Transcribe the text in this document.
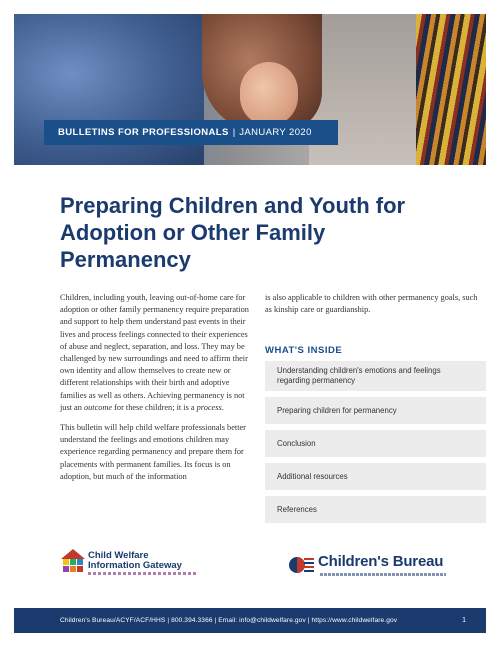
BULLETINS FOR PROFESSIONALS | JANUARY 2020
Preparing Children and Youth for Adoption or Other Family Permanency

Children, including youth, leaving out-of-home care for adoption or other family permanency require preparation and support to help them understand past events in their lives and process feelings connected to their experiences of abuse and neglect, separation, and loss. They may be challenged by new surroundings and need to affirm their own identity and allow themselves to create new or different relationships with their birth and adoptive families as well as others. Achieving permanency is not just an outcome for these children; it is a process.

This bulletin will help child welfare professionals better understand the feelings and emotions children may experience regarding permanency and prepare them for placements with permanent families. Its focus is on adoption, but much of the information

is also applicable to children with other permanency goals, such as kinship care or guardianship.
WHAT'S INSIDE
Understanding children's emotions and feelings regarding permanency
Preparing children for permanency
Conclusion
Additional resources
References
Child Welfare
Information Gateway	Children's Bureau
Children's Bureau/ACYF/ACF/HHS | 800.394.3366 | Email: info@childwelfare.gov | https://www.childwelfare.gov	1
